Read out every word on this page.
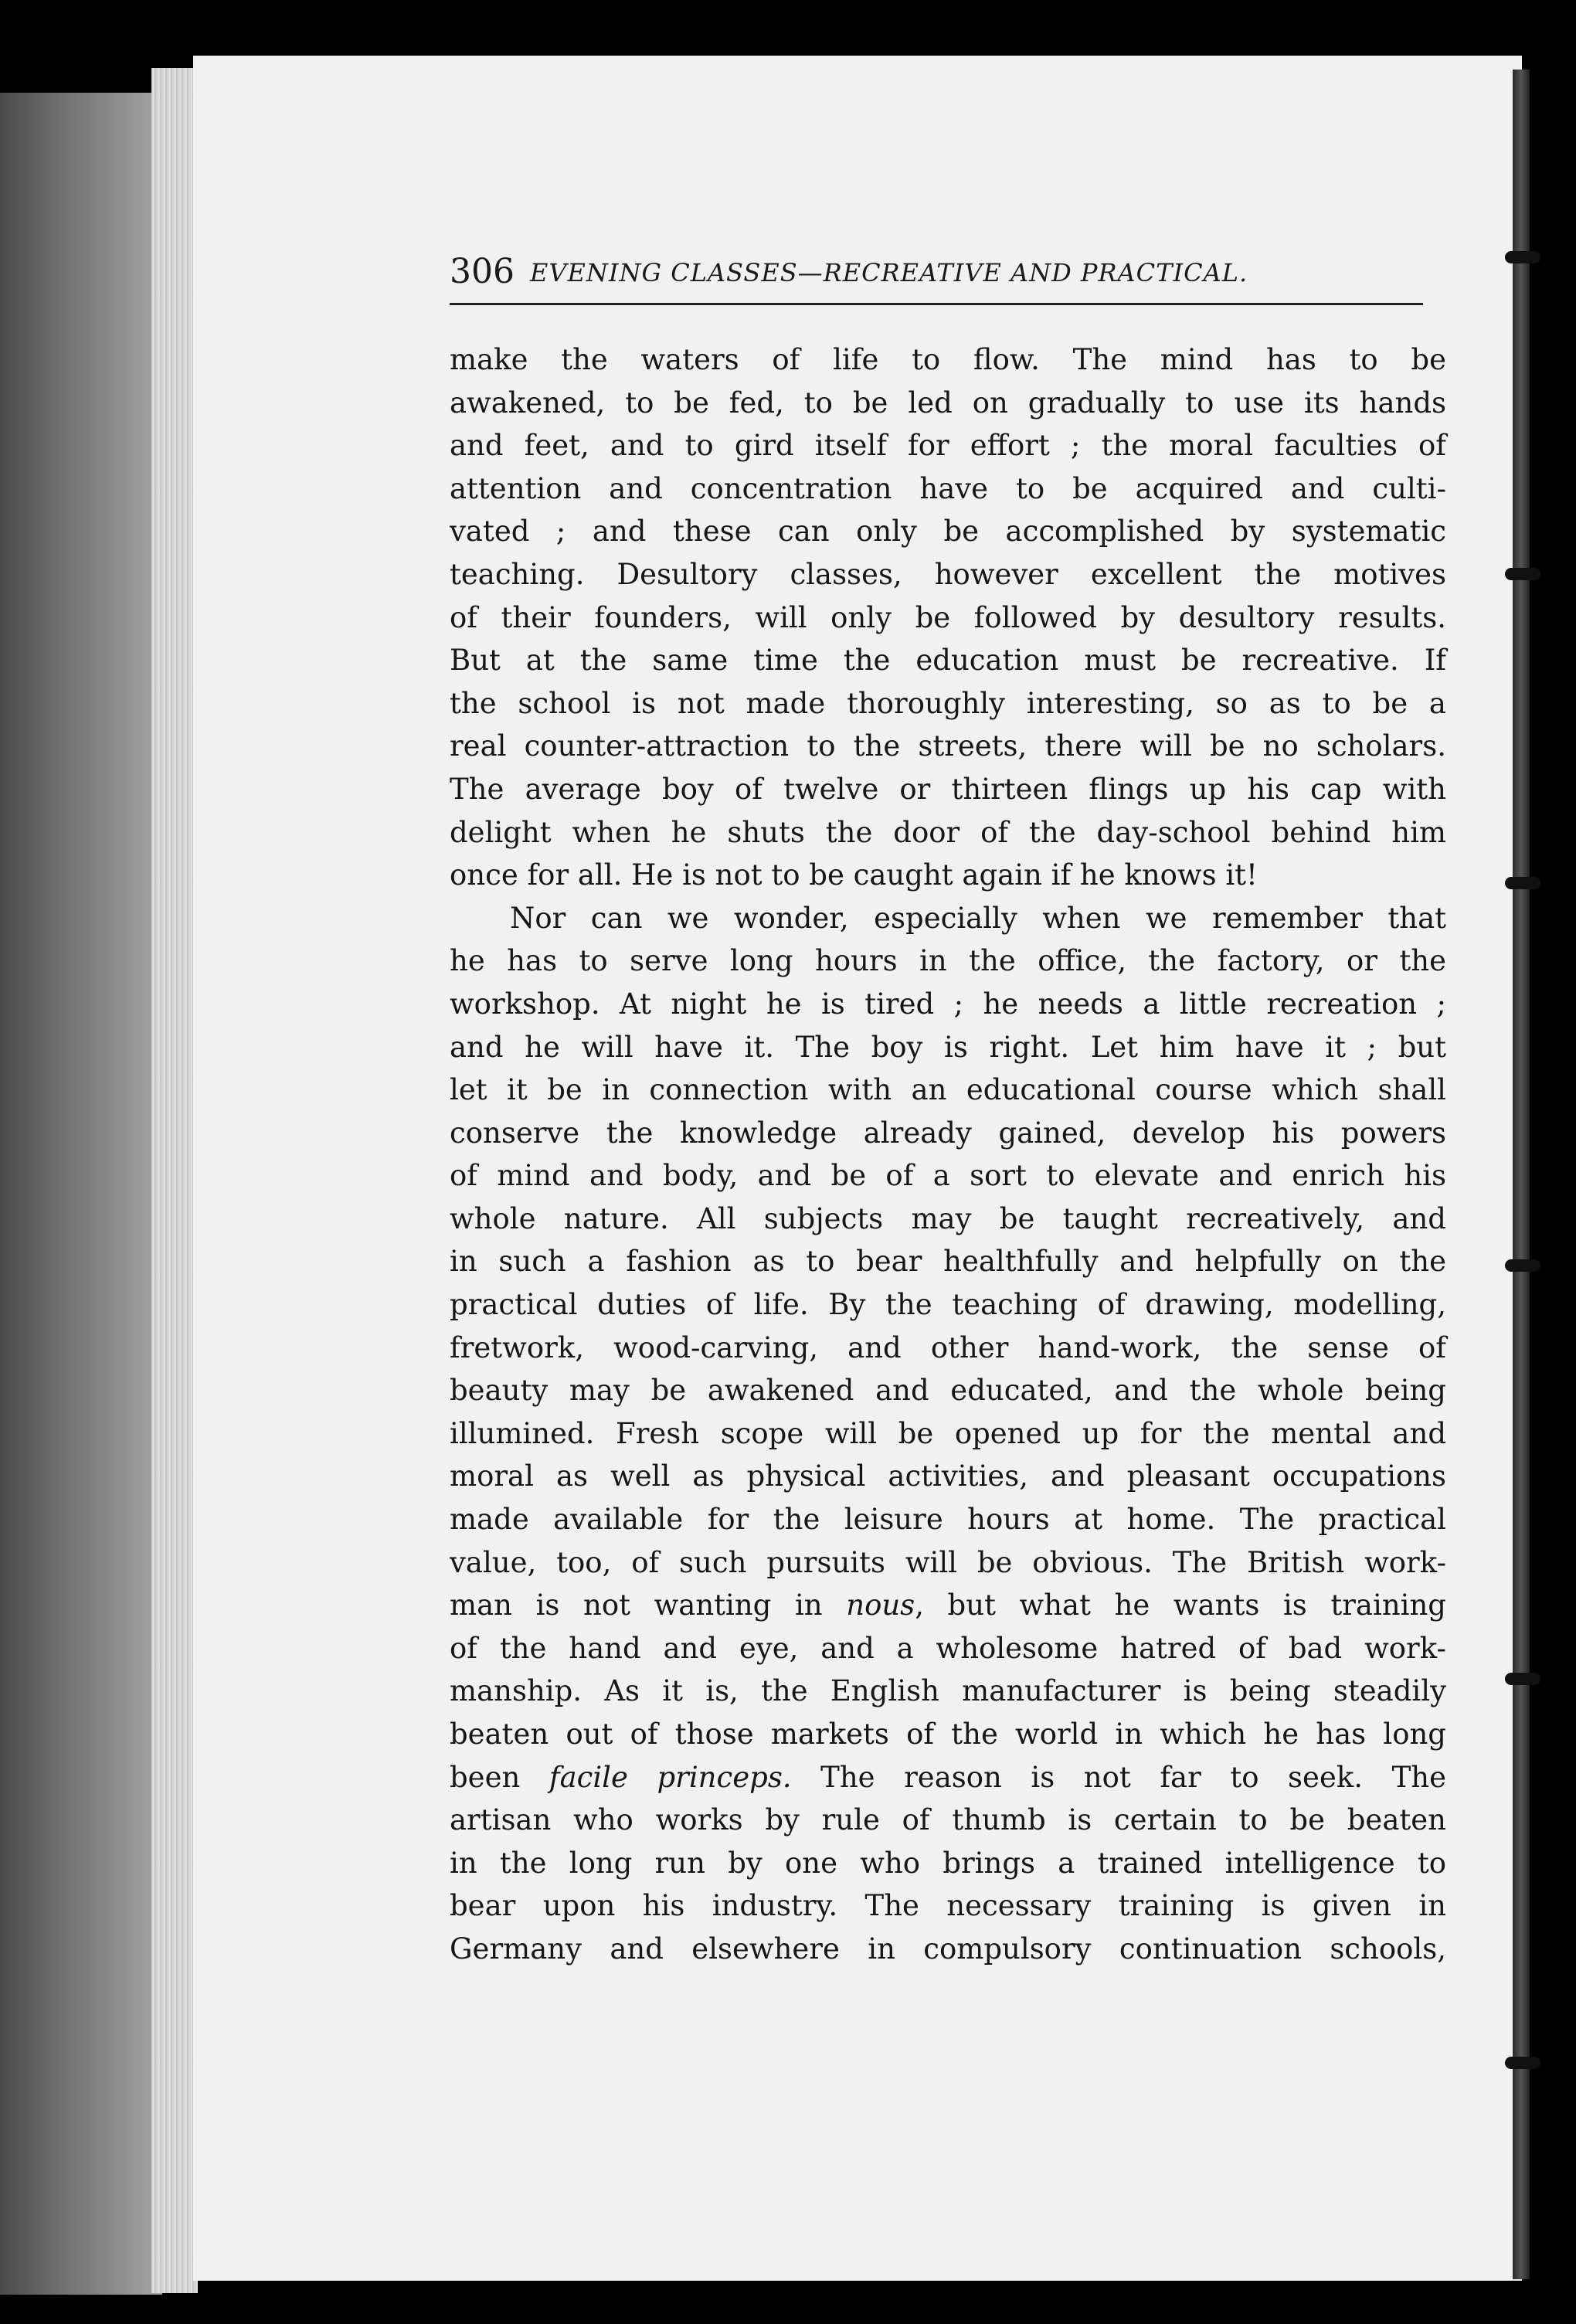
306 EVENING CLASSES—RECREATIVE AND PRACTICAL.
make the waters of life to flow. The mind has to be
awakened, to be fed, to be led on gradually to use its hands
and feet, and to gird itself for effort ; the moral faculties of
attention and concentration have to be acquired and culti-
vated ; and these can only be accomplished by systematic
teaching. Desultory classes, however excellent the motives
of their founders, will only be followed by desultory results.
But at the same time the education must be recreative. If
the school is not made thoroughly interesting, so as to be a
real counter-attraction to the streets, there will be no scholars.
The average boy of twelve or thirteen flings up his cap with
delight when he shuts the door of the day-school behind him
once for all. He is not to be caught again if he knows it!
Nor can we wonder, especially when we remember that
he has to serve long hours in the office, the factory, or the
workshop. At night he is tired ; he needs a little recreation ;
and he will have it. The boy is right. Let him have it ; but
let it be in connection with an educational course which shall
conserve the knowledge already gained, develop his powers
of mind and body, and be of a sort to elevate and enrich his
whole nature. All subjects may be taught recreatively, and
in such a fashion as to bear healthfully and helpfully on the
practical duties of life. By the teaching of drawing, modelling,
fretwork, wood-carving, and other hand-work, the sense of
beauty may be awakened and educated, and the whole being
illumined. Fresh scope will be opened up for the mental and
moral as well as physical activities, and pleasant occupations
made available for the leisure hours at home. The practical
value, too, of such pursuits will be obvious. The British work-
man is not wanting in nous, but what he wants is training
of the hand and eye, and a wholesome hatred of bad work-
manship. As it is, the English manufacturer is being steadily
beaten out of those markets of the world in which he has long
been facile princeps. The reason is not far to seek. The
artisan who works by rule of thumb is certain to be beaten
in the long run by one who brings a trained intelligence to
bear upon his industry. The necessary training is given in
Germany and elsewhere in compulsory continuation schools,
